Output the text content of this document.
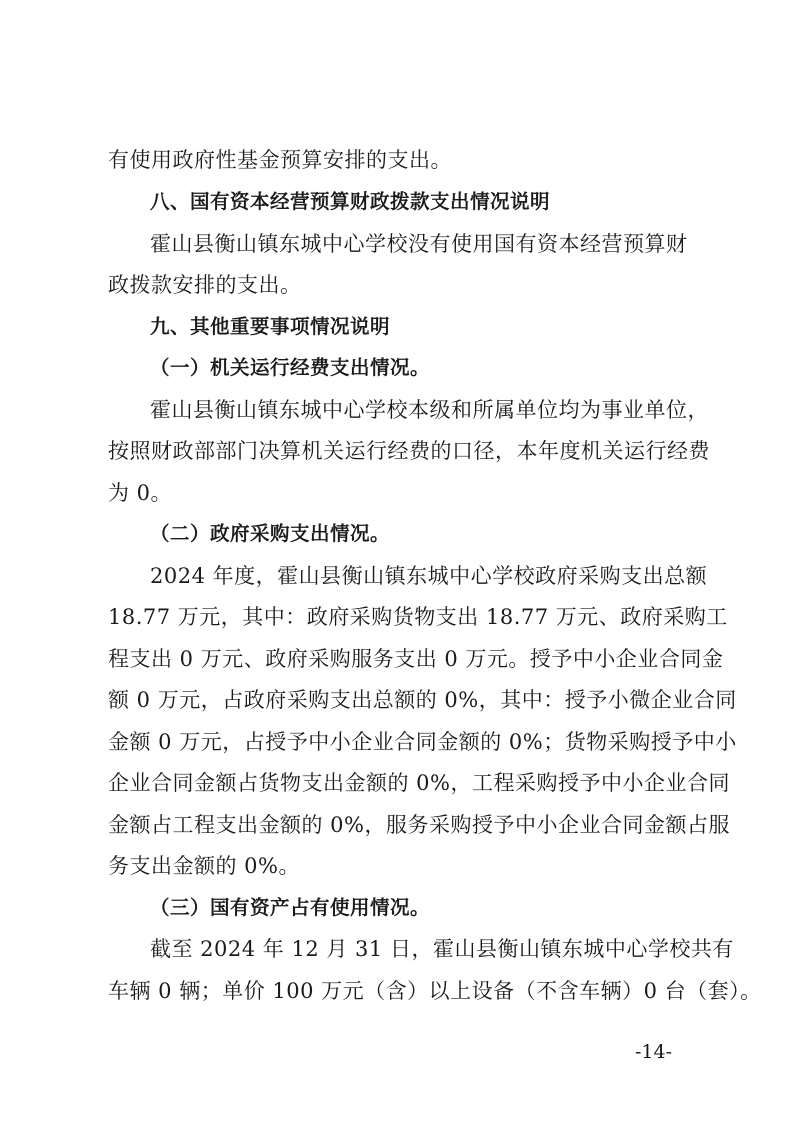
有使用政府性基金预算安排的支出。
八、国有资本经营预算财政拨款支出情况说明
霍山县衡山镇东城中心学校没有使用国有资本经营预算财
政拨款安排的支出。
九、其他重要事项情况说明
（一）机关运行经费支出情况。
霍山县衡山镇东城中心学校本级和所属单位均为事业单位，
按照财政部部门决算机关运行经费的口径，本年度机关运行经费
为 0。
（二）政府采购支出情况。
2024 年度，霍山县衡山镇东城中心学校政府采购支出总额
18.77 万元，其中：政府采购货物支出 18.77 万元、政府采购工
程支出 0 万元、政府采购服务支出 0 万元。授予中小企业合同金
额 0 万元，占政府采购支出总额的 0%，其中：授予小微企业合同
金额 0 万元，占授予中小企业合同金额的 0%；货物采购授予中小
企业合同金额占货物支出金额的 0%，工程采购授予中小企业合同
金额占工程支出金额的 0%，服务采购授予中小企业合同金额占服
务支出金额的 0%。
（三）国有资产占有使用情况。
截至 2024 年 12 月 31 日，霍山县衡山镇东城中心学校共有
车辆 0 辆；单价 100 万元（含）以上设备（不含车辆）0 台（套）。
-14-
